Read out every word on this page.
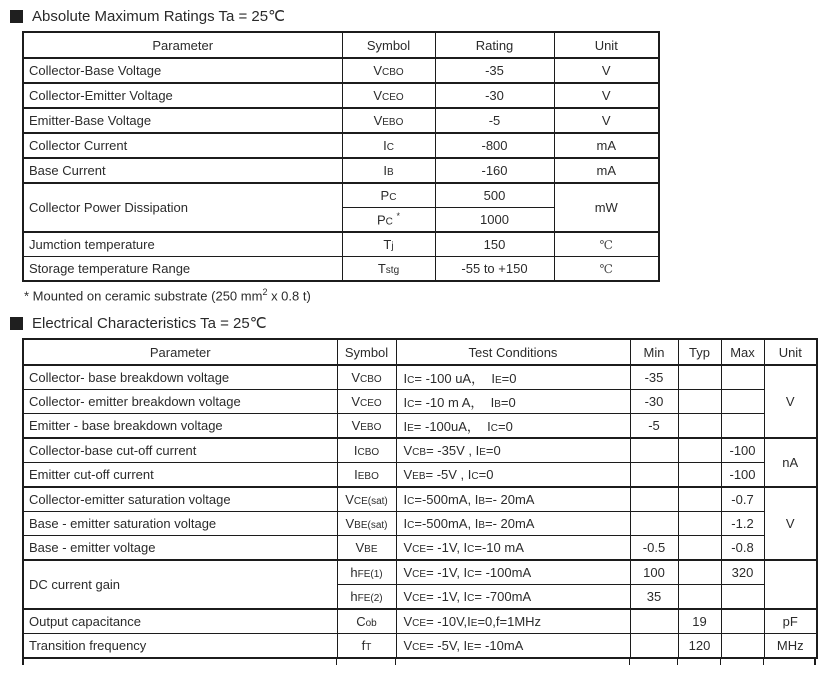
Absolute Maximum Ratings Ta = 25℃
Parameter	Symbol	Rating	Unit
Collector-Base Voltage	VCBO	-35	V
Collector-Emitter Voltage	VCEO	-30	V
Emitter-Base Voltage	VEBO	-5	V
Collector Current	IC	-800	mA
Base Current	IB	-160	mA
Collector Power Dissipation	PC	500	mW
	PC *	1000	
Jumction temperature	Tj	150	℃
Storage temperature Range	Tstg	-55 to +150	℃
* Mounted on ceramic substrate (250 $mm^2$ x 0.8 t)
Electrical Characteristics Ta = 25℃
Parameter	Symbol	Test Conditions	Min	Typ	Max	Unit
Collector- base breakdown voltage	VCBO	IC= -100 uA，  IE=0	-35			V
Collector- emitter breakdown voltage	VCEO	IC= -10 m A，  IB=0	-30			
Emitter - base breakdown voltage	VEBO	IE= -100uA，  IC=0	-5			
Collector-base cut-off current	ICBO	VCB= -35V , IE=0			-100	nA
Emitter cut-off current	IEBO	VEB= -5V , IC=0			-100	
Collector-emitter saturation voltage	VCE(sat)	IC=-500mA, IB=- 20mA			-0.7	V
Base - emitter saturation voltage	VBE(sat)	IC=-500mA, IB=- 20mA			-1.2	
Base - emitter voltage	VBE	VCE= -1V, IC=-10 mA	-0.5		-0.8	
DC current gain	hFE(1)	VCE= -1V, IC= -100mA	100		320	
	hFE(2)	VCE= -1V, IC= -700mA	35			
Output capacitance	Cob	VCE= -10V,IE=0,f=1MHz		19		pF
Transition frequency	fT	VCE= -5V, IE= -10mA		120		MHz
